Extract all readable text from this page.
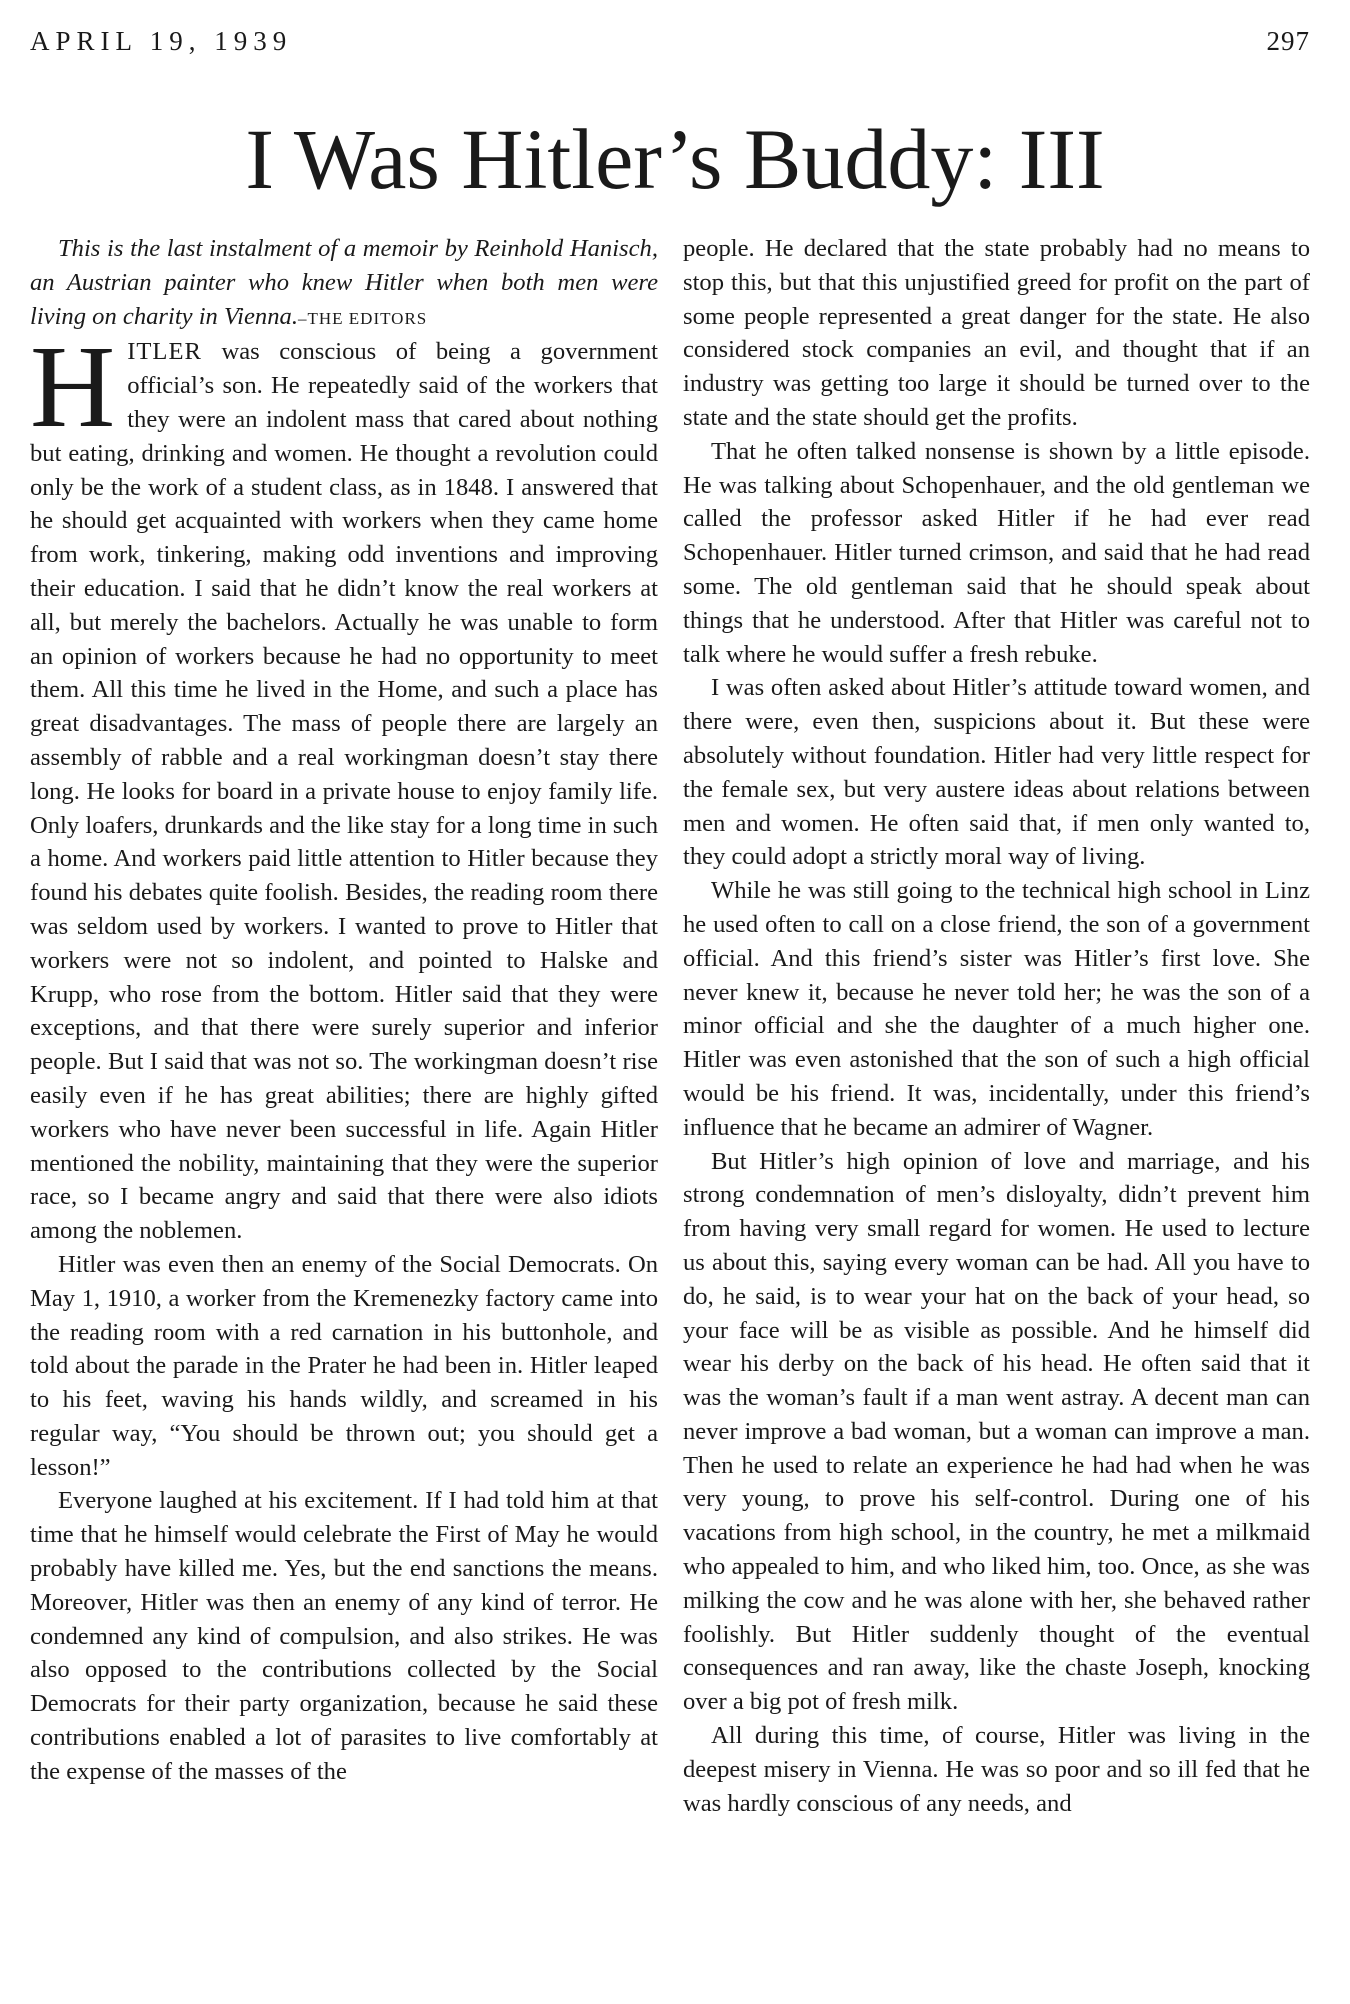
APRIL 19, 1939	297
I Was Hitler’s Buddy: III

This is the last instalment of a memoir by Reinhold Hanisch, an Austrian painter who knew Hitler when both men were living on charity in Vienna.–THE EDITORS

HITLER was conscious of being a government official’s son. He repeatedly said of the workers that they were an indolent mass that cared about nothing but eating, drinking and women. He thought a revolution could only be the work of a student class, as in 1848. I answered that he should get acquainted with workers when they came home from work, tinkering, making odd inventions and improving their education. I said that he didn’t know the real workers at all, but merely the bachelors. Actually he was unable to form an opinion of workers because he had no opportunity to meet them. All this time he lived in the Home, and such a place has great disadvantages. The mass of people there are largely an assembly of rabble and a real workingman doesn’t stay there long. He looks for board in a private house to enjoy family life. Only loafers, drunkards and the like stay for a long time in such a home. And workers paid little attention to Hitler because they found his debates quite foolish. Besides, the reading room there was seldom used by workers. I wanted to prove to Hitler that workers were not so indolent, and pointed to Halske and Krupp, who rose from the bottom. Hitler said that they were exceptions, and that there were surely superior and inferior people. But I said that was not so. The workingman doesn’t rise easily even if he has great abilities; there are highly gifted workers who have never been successful in life. Again Hitler mentioned the nobility, maintaining that they were the superior race, so I became angry and said that there were also idiots among the noblemen.

Hitler was even then an enemy of the Social Democrats. On May 1, 1910, a worker from the Kremenezky factory came into the reading room with a red carnation in his buttonhole, and told about the parade in the Prater he had been in. Hitler leaped to his feet, waving his hands wildly, and screamed in his regular way, “You should be thrown out; you should get a lesson!”

Everyone laughed at his excitement. If I had told him at that time that he himself would celebrate the First of May he would probably have killed me. Yes, but the end sanctions the means. Moreover, Hitler was then an enemy of any kind of terror. He condemned any kind of compulsion, and also strikes. He was also opposed to the contributions collected by the Social Democrats for their party organization, because he said these contributions enabled a lot of parasites to live comfortably at the expense of the masses of the

people. He declared that the state probably had no means to stop this, but that this unjustified greed for profit on the part of some people represented a great danger for the state. He also considered stock companies an evil, and thought that if an industry was getting too large it should be turned over to the state and the state should get the profits.

That he often talked nonsense is shown by a little episode. He was talking about Schopenhauer, and the old gentleman we called the professor asked Hitler if he had ever read Schopenhauer. Hitler turned crimson, and said that he had read some. The old gentleman said that he should speak about things that he understood. After that Hitler was careful not to talk where he would suffer a fresh rebuke.

I was often asked about Hitler’s attitude toward women, and there were, even then, suspicions about it. But these were absolutely without foundation. Hitler had very little respect for the female sex, but very austere ideas about relations between men and women. He often said that, if men only wanted to, they could adopt a strictly moral way of living.

While he was still going to the technical high school in Linz he used often to call on a close friend, the son of a government official. And this friend’s sister was Hitler’s first love. She never knew it, because he never told her; he was the son of a minor official and she the daughter of a much higher one. Hitler was even astonished that the son of such a high official would be his friend. It was, incidentally, under this friend’s influence that he became an admirer of Wagner.

But Hitler’s high opinion of love and marriage, and his strong condemnation of men’s disloyalty, didn’t prevent him from having very small regard for women. He used to lecture us about this, saying every woman can be had. All you have to do, he said, is to wear your hat on the back of your head, so your face will be as visible as possible. And he himself did wear his derby on the back of his head. He often said that it was the woman’s fault if a man went astray. A decent man can never improve a bad woman, but a woman can improve a man. Then he used to relate an experience he had had when he was very young, to prove his self-control. During one of his vacations from high school, in the country, he met a milkmaid who appealed to him, and who liked him, too. Once, as she was milking the cow and he was alone with her, she behaved rather foolishly. But Hitler suddenly thought of the eventual consequences and ran away, like the chaste Joseph, knocking over a big pot of fresh milk.

All during this time, of course, Hitler was living in the deepest misery in Vienna. He was so poor and so ill fed that he was hardly conscious of any needs, and
